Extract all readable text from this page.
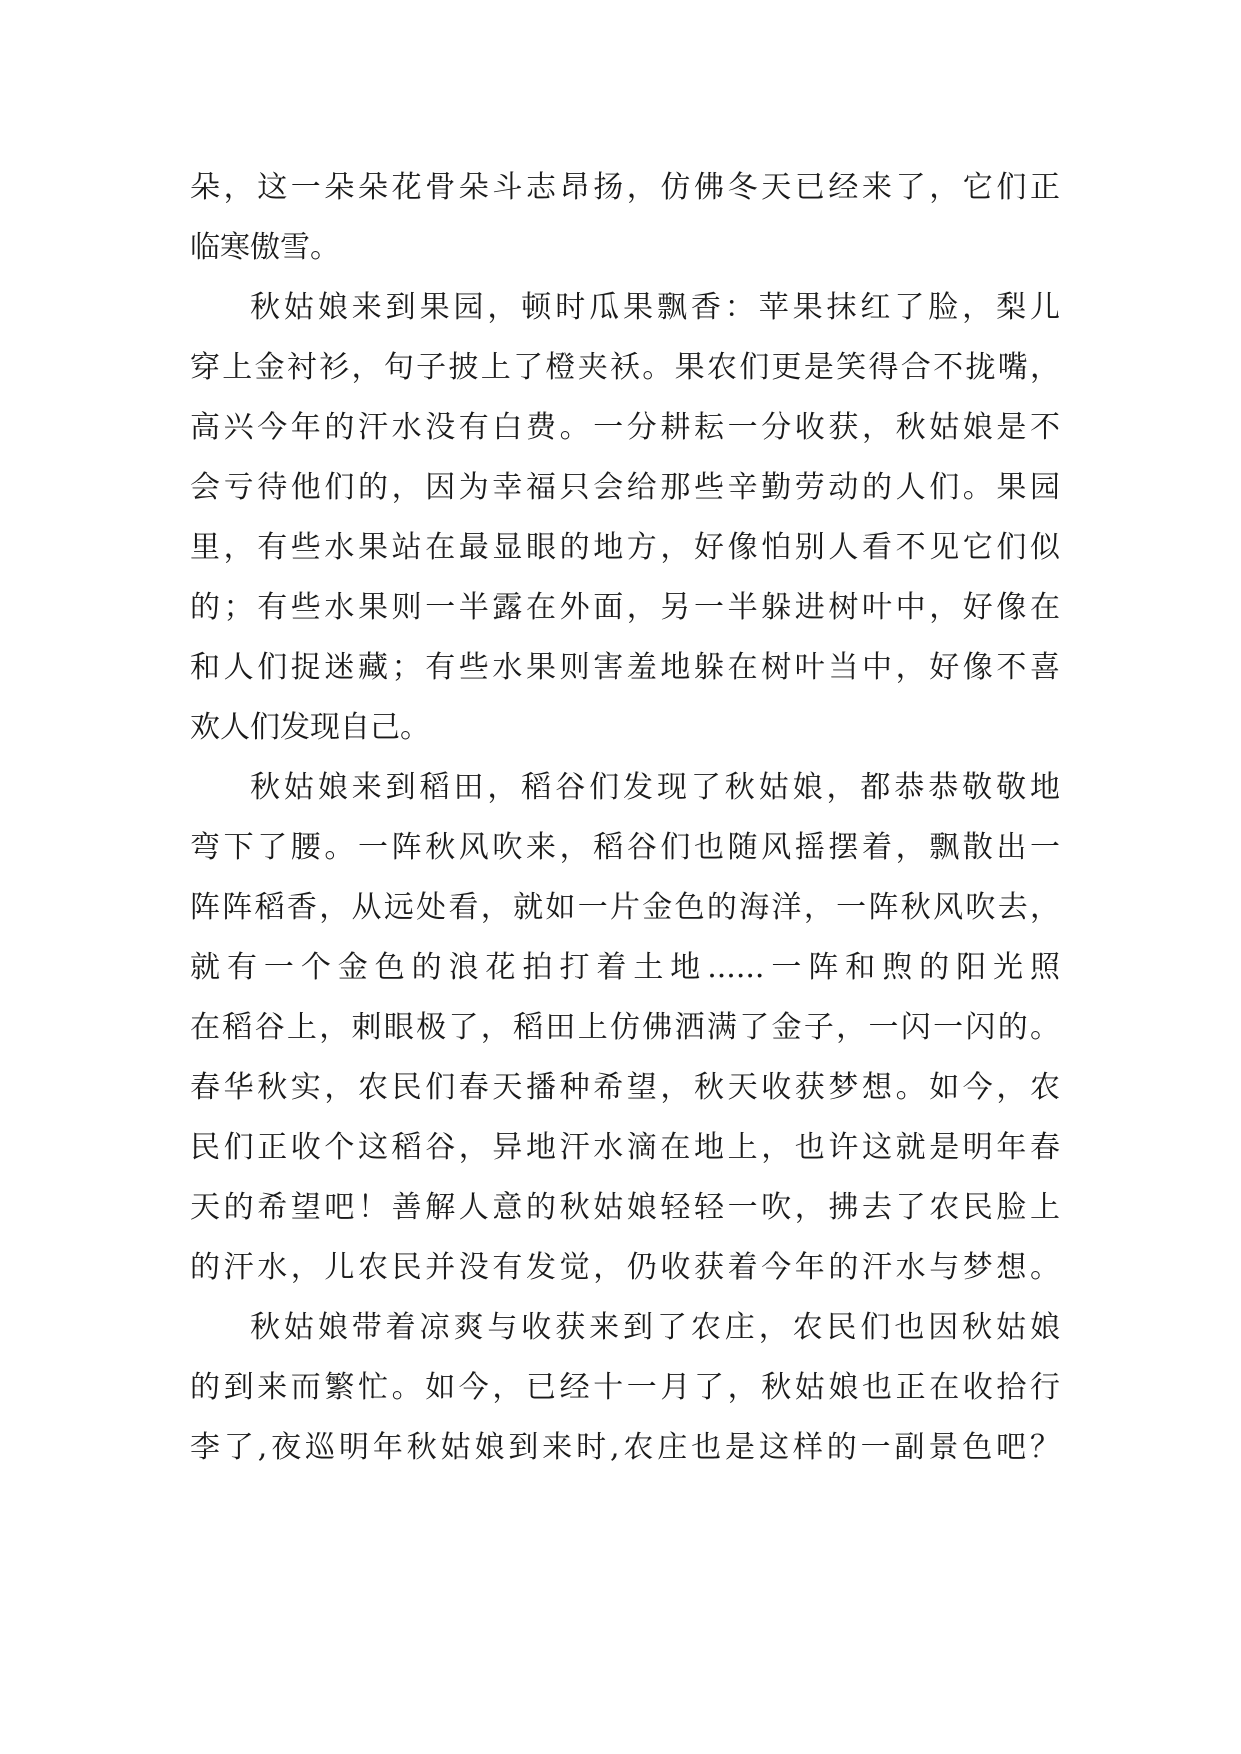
朵，这一朵朵花骨朵斗志昂扬，仿佛冬天已经来了，它们正
临寒傲雪。
秋姑娘来到果园，顿时瓜果飘香：苹果抹红了脸，梨儿
穿上金衬衫，句子披上了橙夹袄。果农们更是笑得合不拢嘴，
高兴今年的汗水没有白费。一分耕耘一分收获，秋姑娘是不
会亏待他们的，因为幸福只会给那些辛勤劳动的人们。果园
里，有些水果站在最显眼的地方，好像怕别人看不见它们似
的；有些水果则一半露在外面，另一半躲进树叶中，好像在
和人们捉迷藏；有些水果则害羞地躲在树叶当中，好像不喜
欢人们发现自己。
秋姑娘来到稻田，稻谷们发现了秋姑娘，都恭恭敬敬地
弯下了腰。一阵秋风吹来，稻谷们也随风摇摆着，飘散出一
阵阵稻香，从远处看，就如一片金色的海洋，一阵秋风吹去，
就有一个金色的浪花拍打着土地......一阵和煦的阳光照
在稻谷上，刺眼极了，稻田上仿佛洒满了金子，一闪一闪的。
春华秋实，农民们春天播种希望，秋天收获梦想。如今，农
民们正收个这稻谷，异地汗水滴在地上，也许这就是明年春
天的希望吧！善解人意的秋姑娘轻轻一吹，拂去了农民脸上
的汗水，儿农民并没有发觉，仍收获着今年的汗水与梦想。
秋姑娘带着凉爽与收获来到了农庄，农民们也因秋姑娘
的到来而繁忙。如今，已经十一月了，秋姑娘也正在收拾行
李了,夜巡明年秋姑娘到来时,农庄也是这样的一副景色吧？
